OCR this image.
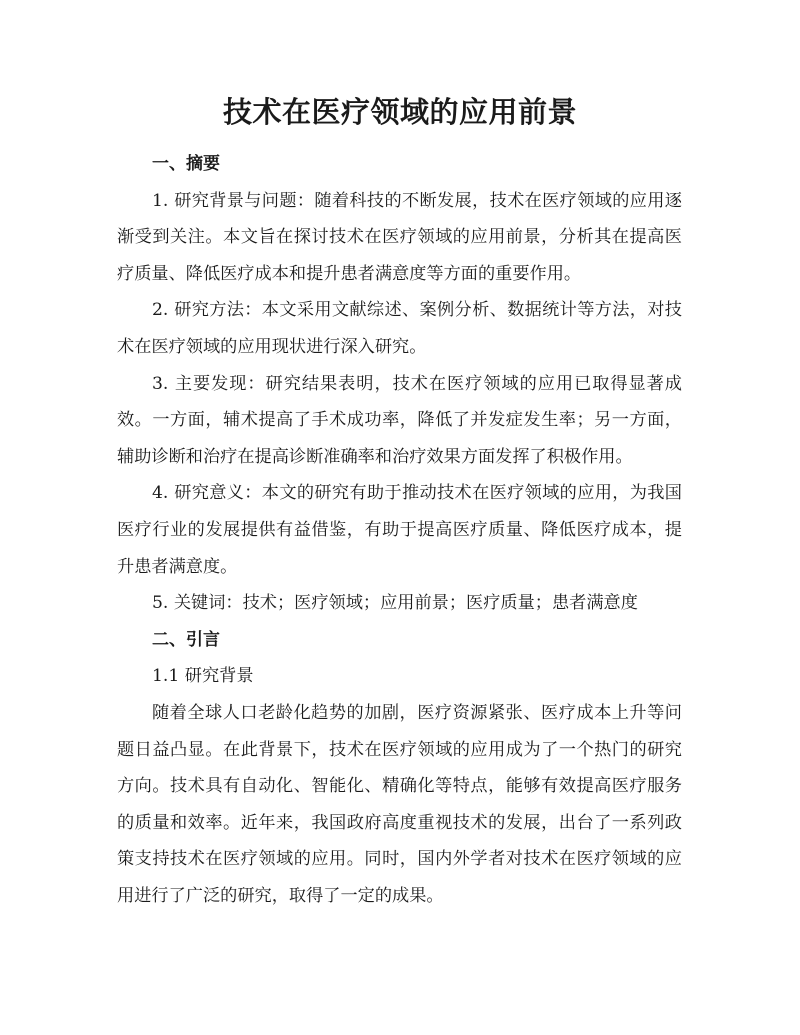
技术在医疗领域的应用前景

一、摘要

1. 研究背景与问题：随着科技的不断发展，技术在医疗领域的应用逐渐受到关注。本文旨在探讨技术在医疗领域的应用前景，分析其在提高医疗质量、降低医疗成本和提升患者满意度等方面的重要作用。

2. 研究方法：本文采用文献综述、案例分析、数据统计等方法，对技术在医疗领域的应用现状进行深入研究。

3. 主要发现：研究结果表明，技术在医疗领域的应用已取得显著成效。一方面，辅术提高了手术成功率，降低了并发症发生率；另一方面，辅助诊断和治疗在提高诊断准确率和治疗效果方面发挥了积极作用。

4. 研究意义：本文的研究有助于推动技术在医疗领域的应用，为我国医疗行业的发展提供有益借鉴，有助于提高医疗质量、降低医疗成本，提升患者满意度。

5. 关键词：技术；医疗领域；应用前景；医疗质量；患者满意度

二、引言

1.1 研究背景

随着全球人口老龄化趋势的加剧，医疗资源紧张、医疗成本上升等问题日益凸显。在此背景下，技术在医疗领域的应用成为了一个热门的研究方向。技术具有自动化、智能化、精确化等特点，能够有效提高医疗服务的质量和效率。近年来，我国政府高度重视技术的发展，出台了一系列政策支持技术在医疗领域的应用。同时，国内外学者对技术在医疗领域的应用进行了广泛的研究，取得了一定的成果。
